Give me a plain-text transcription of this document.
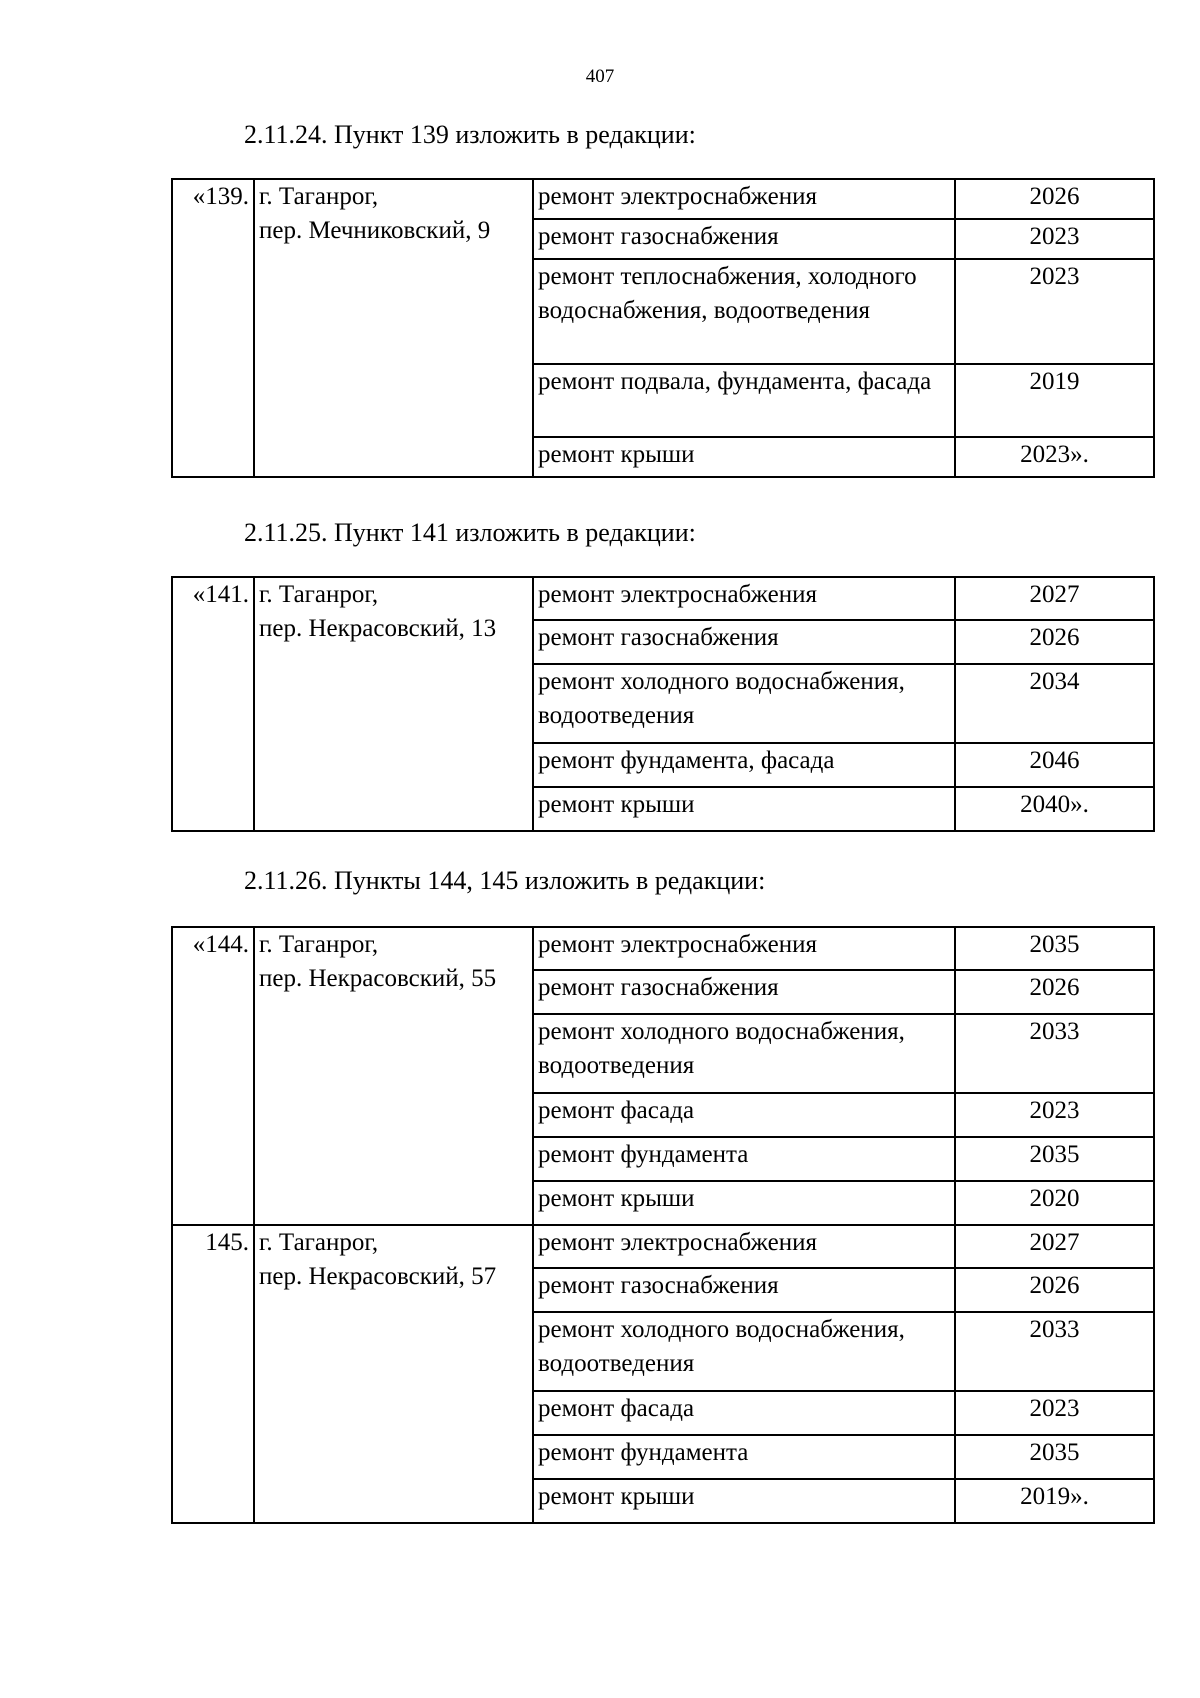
407
2.11.24. Пункт 139 изложить в редакции:
«139.	г. Таганрог,
пер. Мечниковский, 9	ремонт электроснабжения	2026
		ремонт газоснабжения	2023
		ремонт теплоснабжения, холодного водоснабжения, водоотведения	2023
		ремонт подвала, фундамента, фасада	2019
		ремонт крыши	2023».
2.11.25. Пункт 141 изложить в редакции:
«141.	г. Таганрог,
пер. Некрасовский, 13	ремонт электроснабжения	2027
		ремонт газоснабжения	2026
		ремонт холодного водоснабжения, водоотведения	2034
		ремонт фундамента, фасада	2046
		ремонт крыши	2040».
2.11.26. Пункты 144, 145 изложить в редакции:
«144.	г. Таганрог,
пер. Некрасовский, 55	ремонт электроснабжения	2035
		ремонт газоснабжения	2026
		ремонт холодного водоснабжения, водоотведения	2033
		ремонт фасада	2023
		ремонт фундамента	2035
		ремонт крыши	2020
145.	г. Таганрог,
пер. Некрасовский, 57	ремонт электроснабжения	2027
		ремонт газоснабжения	2026
		ремонт холодного водоснабжения, водоотведения	2033
		ремонт фасада	2023
		ремонт фундамента	2035
		ремонт крыши	2019».
